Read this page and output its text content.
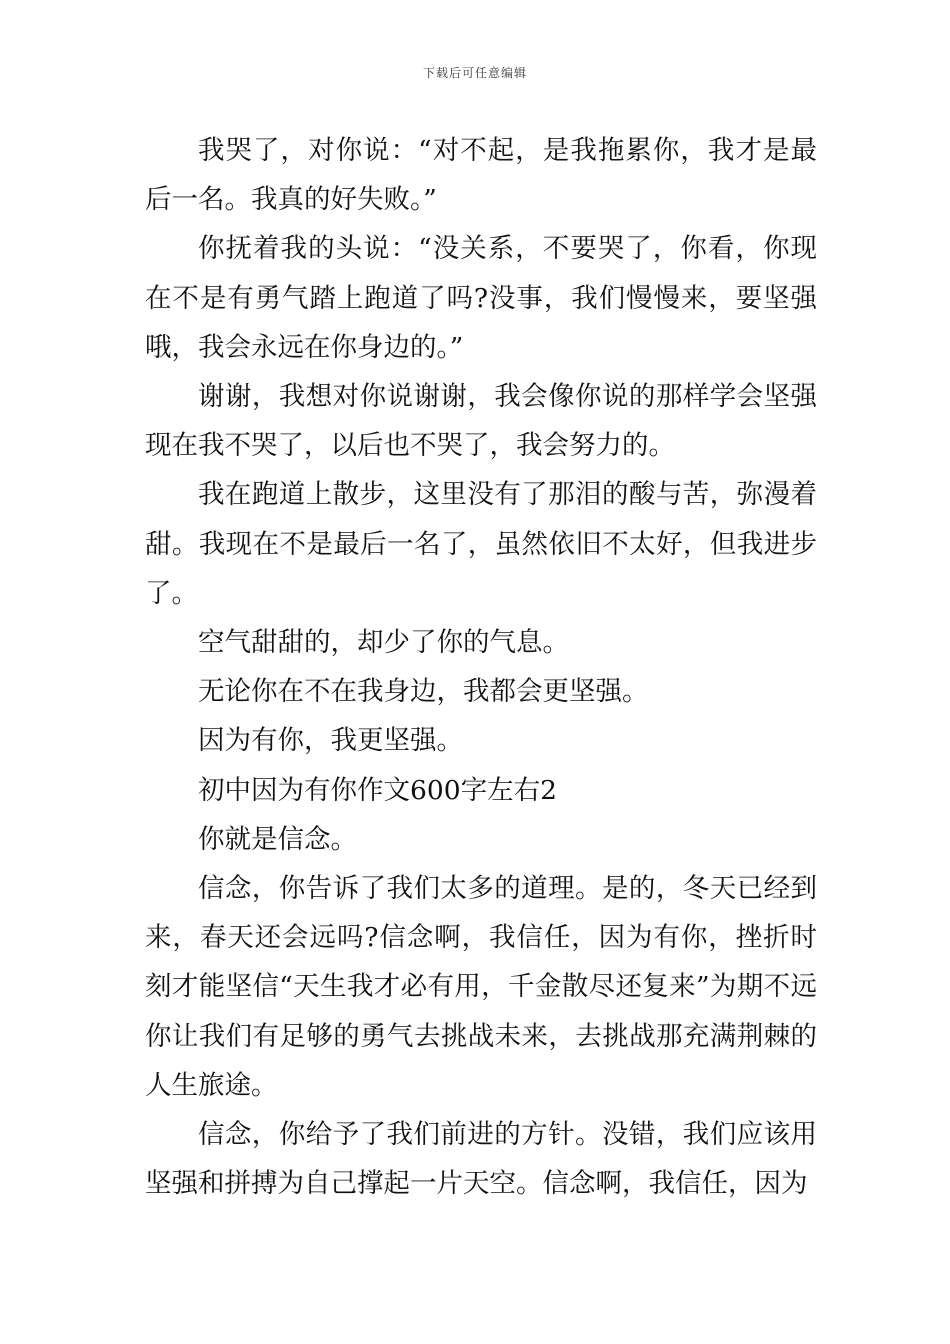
下载后可任意编辑

我哭了，对你说：“对不起，是我拖累你，我才是最后一名。我真的好失败。”

你抚着我的头说：“没关系，不要哭了，你看，你现在不是有勇气踏上跑道了吗?没事，我们慢慢来，要坚强哦，我会永远在你身边的。”

谢谢，我想对你说谢谢，我会像你说的那样学会坚强现在我不哭了，以后也不哭了，我会努力的。

我在跑道上散步，这里没有了那泪的酸与苦，弥漫着甜。我现在不是最后一名了，虽然依旧不太好，但我进步了。

空气甜甜的，却少了你的气息。

无论你在不在我身边，我都会更坚强。

因为有你，我更坚强。

初中因为有你作文600字左右2

你就是信念。

信念，你告诉了我们太多的道理。是的，冬天已经到来，春天还会远吗?信念啊，我信任，因为有你，挫折时刻才能坚信“天生我才必有用，千金散尽还复来”为期不远你让我们有足够的勇气去挑战未来，去挑战那充满荆棘的人生旅途。

信念，你给予了我们前进的方针。没错，我们应该用坚强和拼搏为自己撑起一片天空。信念啊，我信任，因为
